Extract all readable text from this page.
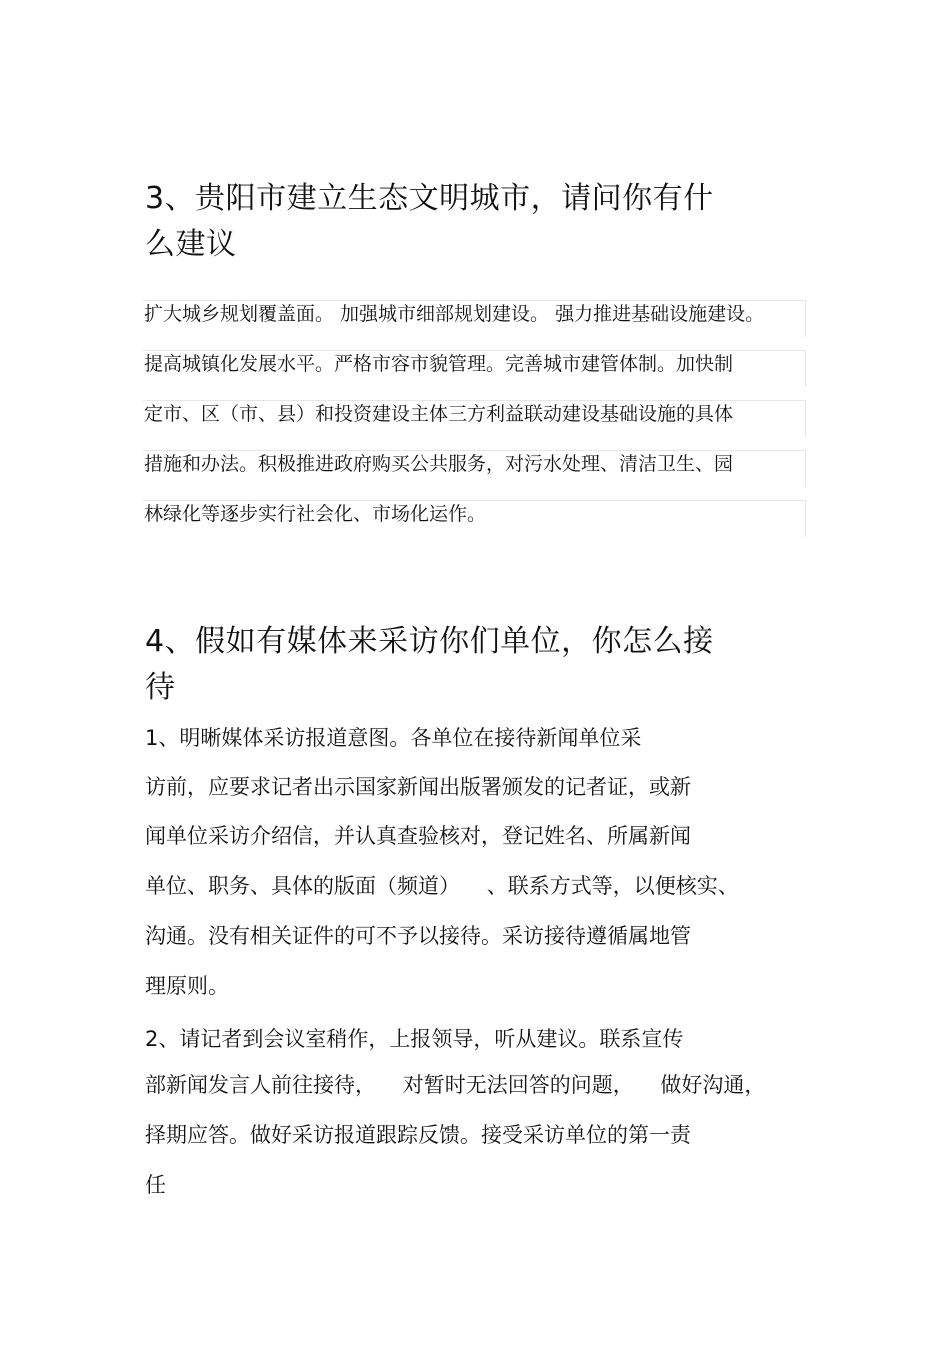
3、贵阳市建立生态文明城市，请问你有什
么建议
扩大城乡规划覆盖面。 加强城市细部规划建设。 强力推进基础设施建设。
提高城镇化发展水平。严格市容市貌管理。完善城市建管体制。加快制
定市、区（市、县）和投资建设主体三方利益联动建设基础设施的具体
措施和办法。积极推进政府购买公共服务，对污水处理、清洁卫生、园
林绿化等逐步实行社会化、市场化运作。
4、假如有媒体来采访你们单位，你怎么接
待
1、明晰媒体采访报道意图。各单位在接待新闻单位采
访前，应要求记者出示国家新闻出版署颁发的记者证，或新
闻单位采访介绍信，并认真查验核对，登记姓名、所属新闻
单位、职务、具体的版面（频道）    、联系方式等，以便核实、
沟通。没有相关证件的可不予以接待。采访接待遵循属地管
理原则。
2、请记者到会议室稍作，上报领导，听从建议。联系宣传
部新闻发言人前往接待，    对暂时无法回答的问题，    做好沟通，
择期应答。做好采访报道跟踪反馈。接受采访单位的第一责
任
